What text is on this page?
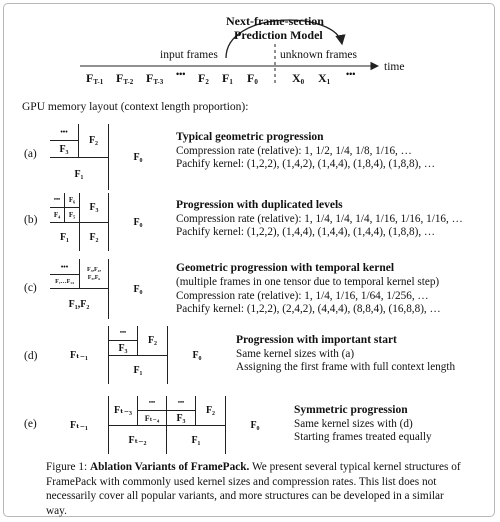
Next-frame-section
Prediction Model
input frames	unknown frames
time
$F_{T-1}$ $F_{T-2}$ $F_{T-3}$
••• $F_2$ $F_1$ $F_0$	$X_0$ $X_1$
•••
GPU memory layout (context length proportion):
(a)	F₀
F₁
F₂
F₃
•••	Typical geometric progression
Compression rate (relative): 1, 1/2, 1/4, 1/8, 1/16, …
Pachify kernel: (1,2,2), (1,4,2), (1,4,4), (1,8,4), (1,8,8), …
(b)	F₀
F₁	F₂
F₃
•••	F₆
F₄	F₅
Progression with duplicated levels
Compression rate (relative): 1, 1/4, 1/4, 1/4, 1/16, 1/16, 1/16, …
Pachify kernel: (1,2,2), (1,4,4), (1,4,4), (1,4,4), (1,8,8), …
(c)	F₀
F₁,F₂
•••
F₇…F₁₄
F₃,F₄,
F₅,F₆
Geometric progression with temporal kernel
(multiple frames in one tensor due to temporal kernel step)
Compression rate (relative): 1, 1/4, 1/16, 1/64, 1/256, …
Pachify kernel: (1,2,2), (2,4,2), (4,4,4), (8,8,4), (16,8,8), …
(d)	Fₜ₋₁	F₀
F₁
F₂
F₃
•••
Progression with important start
Same kernel sizes with (a)
Assigning the first frame with full context length
(e)	Fₜ₋₁
Fₜ₋₂
Fₜ₋₃
•••
Fₜ₋₄
•••
F₃
F₂
F₁
F₀
Symmetric progression
Same kernel sizes with (d)
Starting frames treated equally
Figure 1: Ablation Variants of FramePack. We present several typical kernel structures of FramePack with commonly used kernel sizes and compression rates. This list does not necessarily cover all popular variants, and more structures can be developed in a similar way.
